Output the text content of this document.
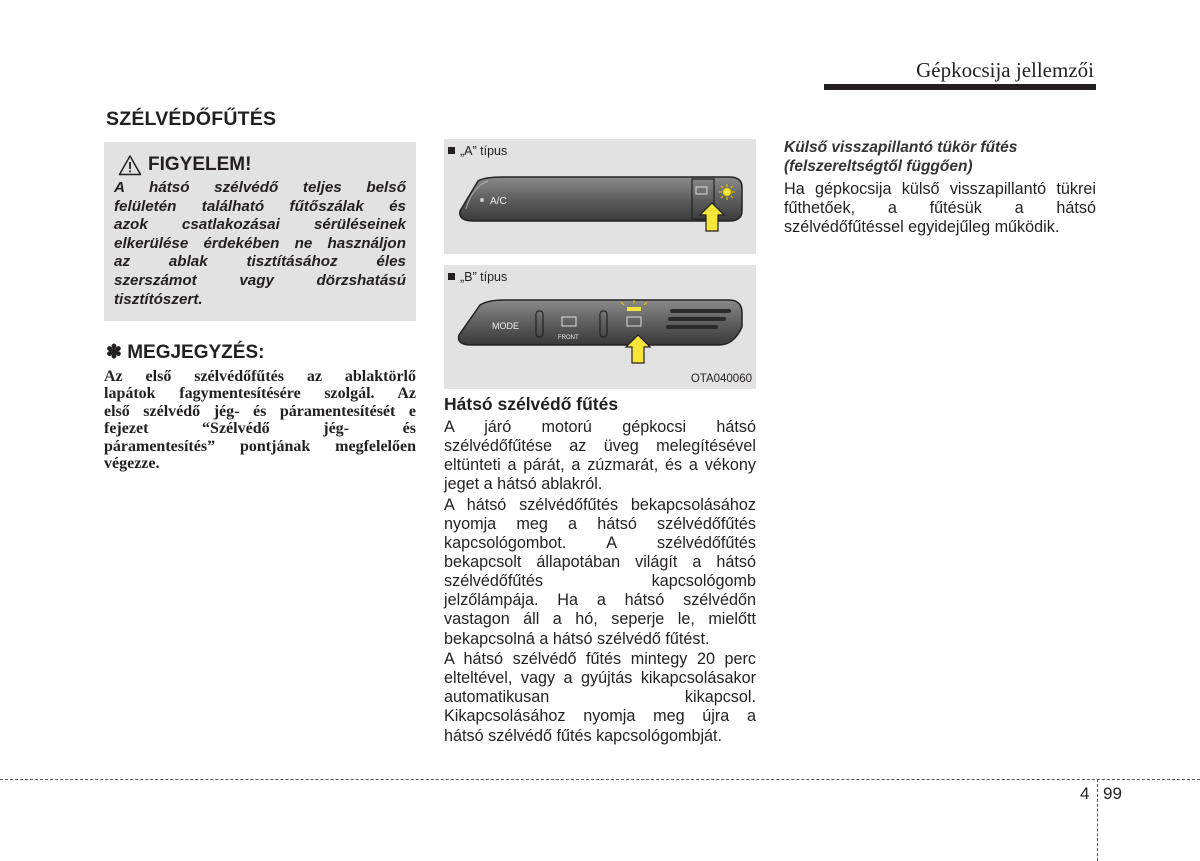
Gépkocsija jellemzői
SZÉLVÉDŐFŰTÉS
FIGYELEM!
A hátsó szélvédő teljes belső
felületén található fűtőszálak és
azok csatlakozásai sérüléseinek
elkerülése érdekében ne használjon
az ablak tisztításához éles
szerszámot vagy dörzshatású
tisztítószert.
✽ MEGJEGYZÉS:
Az első szélvédőfűtés az ablaktörlő
lapátok fagymentesítésére szolgál. Az
első szélvédő jég- és páramentesítését e
fejezet “Szélvédő jég- és
páramentesítés” pontjának megfelelően
végezze.
A/C
„A” típus
MODE
FRONT
„B” típus
OTA040060
Hátsó szélvédő fűtés
A járó motorú gépkocsi hátsó
szélvédőfűtése az üveg melegítésével
eltünteti a párát, a zúzmarát, és a vékony
jeget a hátsó ablakról.
A hátsó szélvédőfűtés bekapcsolásához
nyomja meg a hátsó szélvédőfűtés
kapcsológombot. A szélvédőfűtés
bekapcsolt állapotában világít a hátsó
szélvédőfűtés kapcsológomb
jelzőlámpája. Ha a hátsó szélvédőn
vastagon áll a hó, seperje le, mielőtt
bekapcsolná a hátsó szélvédő fűtést.
A hátsó szélvédő fűtés mintegy 20 perc
elteltével, vagy a gyújtás kikapcsolásakor
automatikusan kikapcsol.
Kikapcsolásához nyomja meg újra a
hátsó szélvédő fűtés kapcsológombját.
Külső visszapillantó tükör fűtés
(felszereltségtől függően)
Ha gépkocsija külső visszapillantó tükrei
fűthetőek, a fűtésük a hátsó
szélvédőfűtéssel egyidejűleg működik.
4 99
